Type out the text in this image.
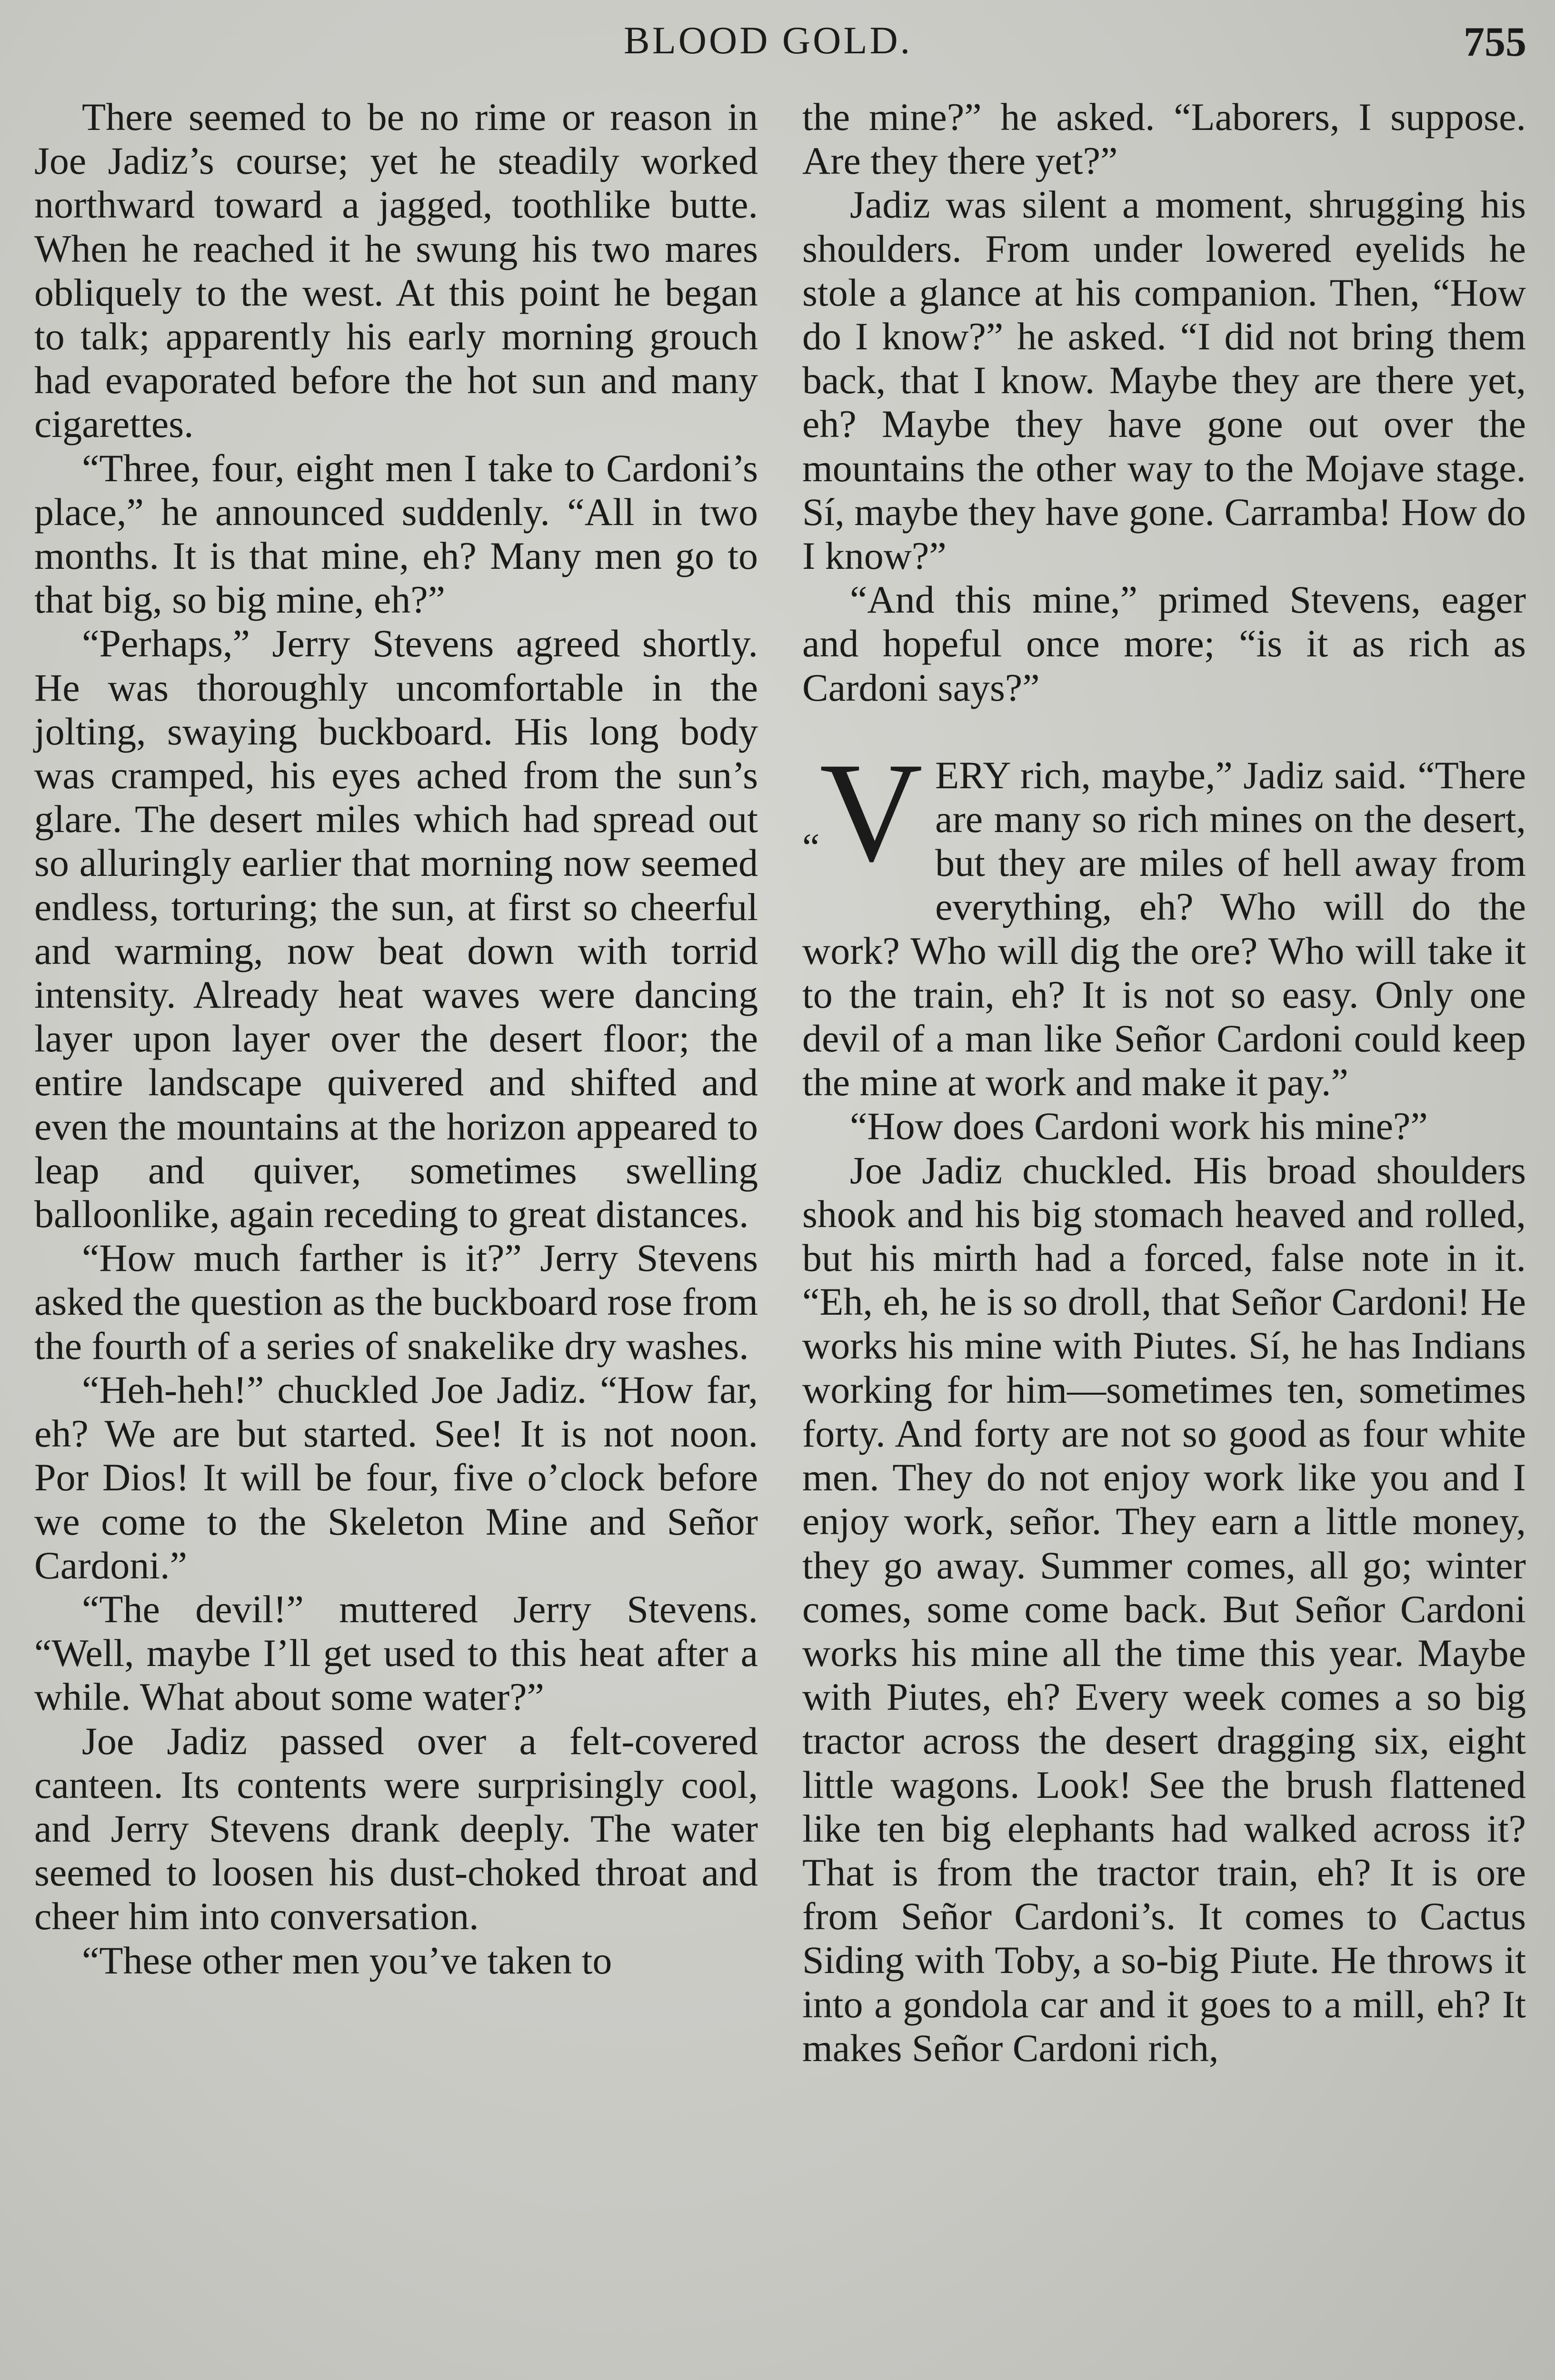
BLOOD GOLD.	755

There seemed to be no rime or reason in Joe Jadiz’s course; yet he steadily worked northward toward a jagged, toothlike butte. When he reached it he swung his two mares obliquely to the west. At this point he began to talk; apparently his early morning grouch had evaporated before the hot sun and many cigarettes.

“Three, four, eight men I take to Cardoni’s place,” he announced suddenly. “All in two months. It is that mine, eh? Many men go to that big, so big mine, eh?”

“Perhaps,” Jerry Stevens agreed shortly. He was thoroughly uncomfortable in the jolting, swaying buckboard. His long body was cramped, his eyes ached from the sun’s glare. The desert miles which had spread out so alluringly earlier that morning now seemed endless, torturing; the sun, at first so cheerful and warming, now beat down with torrid intensity. Already heat waves were dancing layer upon layer over the desert floor; the entire landscape quivered and shifted and even the mountains at the horizon appeared to leap and quiver, sometimes swelling balloonlike, again receding to great distances.

“How much farther is it?” Jerry Stevens asked the question as the buckboard rose from the fourth of a series of snakelike dry washes.

“Heh-heh!” chuckled Joe Jadiz. “How far, eh? We are but started. See! It is not noon. Por Dios! It will be four, five o’clock before we come to the Skeleton Mine and Señor Cardoni.”

“The devil!” muttered Jerry Stevens. “Well, maybe I’ll get used to this heat after a while. What about some water?”

Joe Jadiz passed over a felt-covered canteen. Its contents were surprisingly cool, and Jerry Stevens drank deeply. The water seemed to loosen his dust-choked throat and cheer him into conversation.

“These other men you’ve taken to

the mine?” he asked. “Laborers, I suppose. Are they there yet?”

Jadiz was silent a moment, shrugging his shoulders. From under lowered eyelids he stole a glance at his companion. Then, “How do I know?” he asked. “I did not bring them back, that I know. Maybe they are there yet, eh? Maybe they have gone out over the mountains the other way to the Mojave stage. Sí, maybe they have gone. Carramba! How do I know?”

“And this mine,” primed Stevens, eager and hopeful once more; “is it as rich as Cardoni says?”

“V ERY rich, maybe,” Jadiz said. “There are many so rich mines on the desert, but they are miles of hell away from everything, eh? Who will do the work? Who will dig the ore? Who will take it to the train, eh? It is not so easy. Only one devil of a man like Señor Cardoni could keep the mine at work and make it pay.”

“How does Cardoni work his mine?”

Joe Jadiz chuckled. His broad shoulders shook and his big stomach heaved and rolled, but his mirth had a forced, false note in it. “Eh, eh, he is so droll, that Señor Cardoni! He works his mine with Piutes. Sí, he has Indians working for him—sometimes ten, sometimes forty. And forty are not so good as four white men. They do not enjoy work like you and I enjoy work, señor. They earn a little money, they go away. Summer comes, all go; winter comes, some come back. But Señor Cardoni works his mine all the time this year. Maybe with Piutes, eh? Every week comes a so big tractor across the desert dragging six, eight little wagons. Look! See the brush flattened like ten big elephants had walked across it? That is from the tractor train, eh? It is ore from Señor Cardoni’s. It comes to Cactus Siding with Toby, a so-big Piute. He throws it into a gondola car and it goes to a mill, eh? It makes Señor Cardoni rich,
